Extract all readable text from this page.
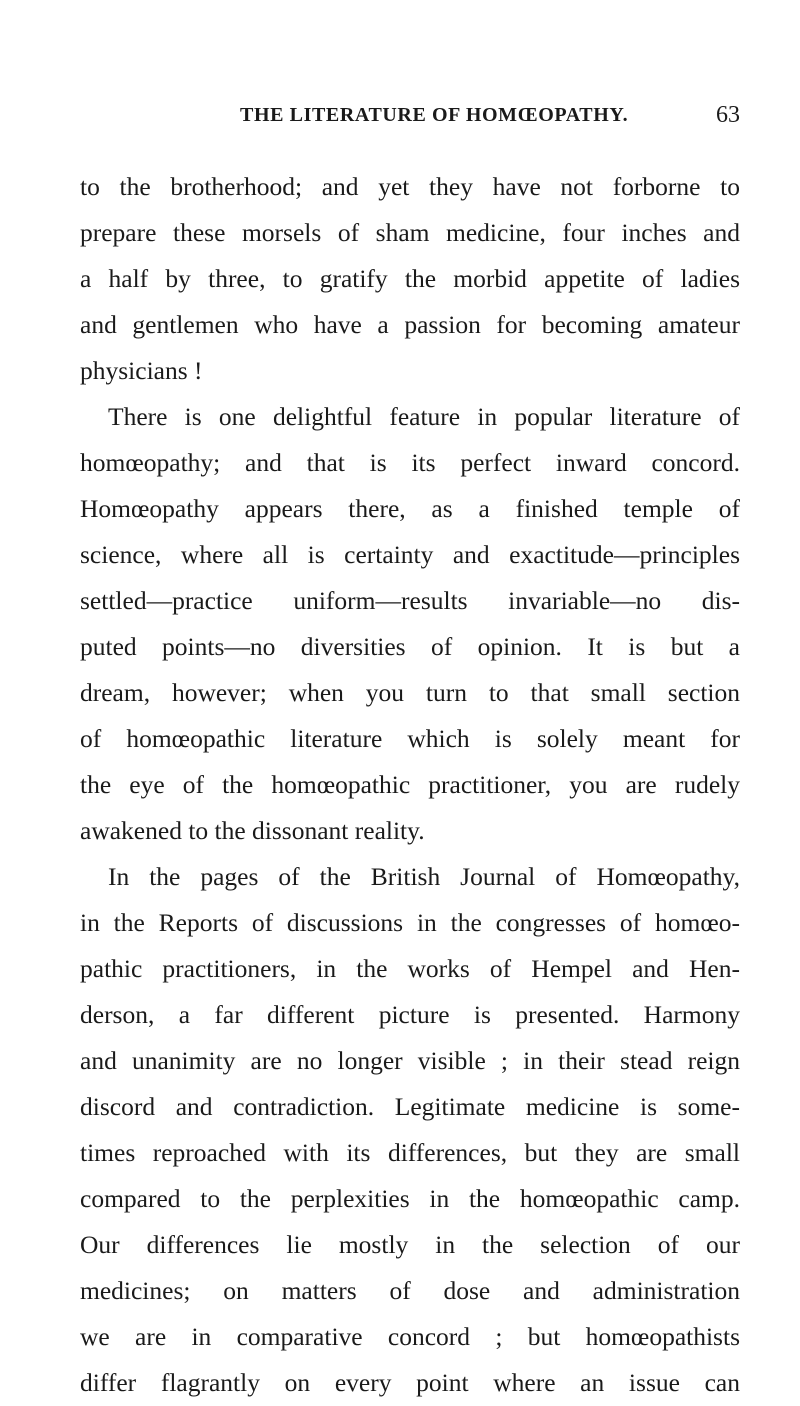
THE LITERATURE OF HOMŒOPATHY.	63
to the brotherhood; and yet they have not forborne to
prepare these morsels of sham medicine, four inches and
a half by three, to gratify the morbid appetite of ladies
and gentlemen who have a passion for becoming amateur
physicians !
There is one delightful feature in popular literature of
homœopathy; and that is its perfect inward concord.
Homœopathy appears there, as a finished temple of
science, where all is certainty and exactitude—principles
settled—practice uniform—results invariable—no dis-
puted points—no diversities of opinion. It is but a
dream, however; when you turn to that small section
of homœopathic literature which is solely meant for
the eye of the homœopathic practitioner, you are rudely
awakened to the dissonant reality.
In the pages of the British Journal of Homœopathy,
in the Reports of discussions in the congresses of homœo-
pathic practitioners, in the works of Hempel and Hen-
derson, a far different picture is presented. Harmony
and unanimity are no longer visible ; in their stead reign
discord and contradiction. Legitimate medicine is some-
times reproached with its differences, but they are small
compared to the perplexities in the homœopathic camp.
Our differences lie mostly in the selection of our
medicines; on matters of dose and administration
we are in comparative concord ; but homœopathists
differ flagrantly on every point where an issue can
